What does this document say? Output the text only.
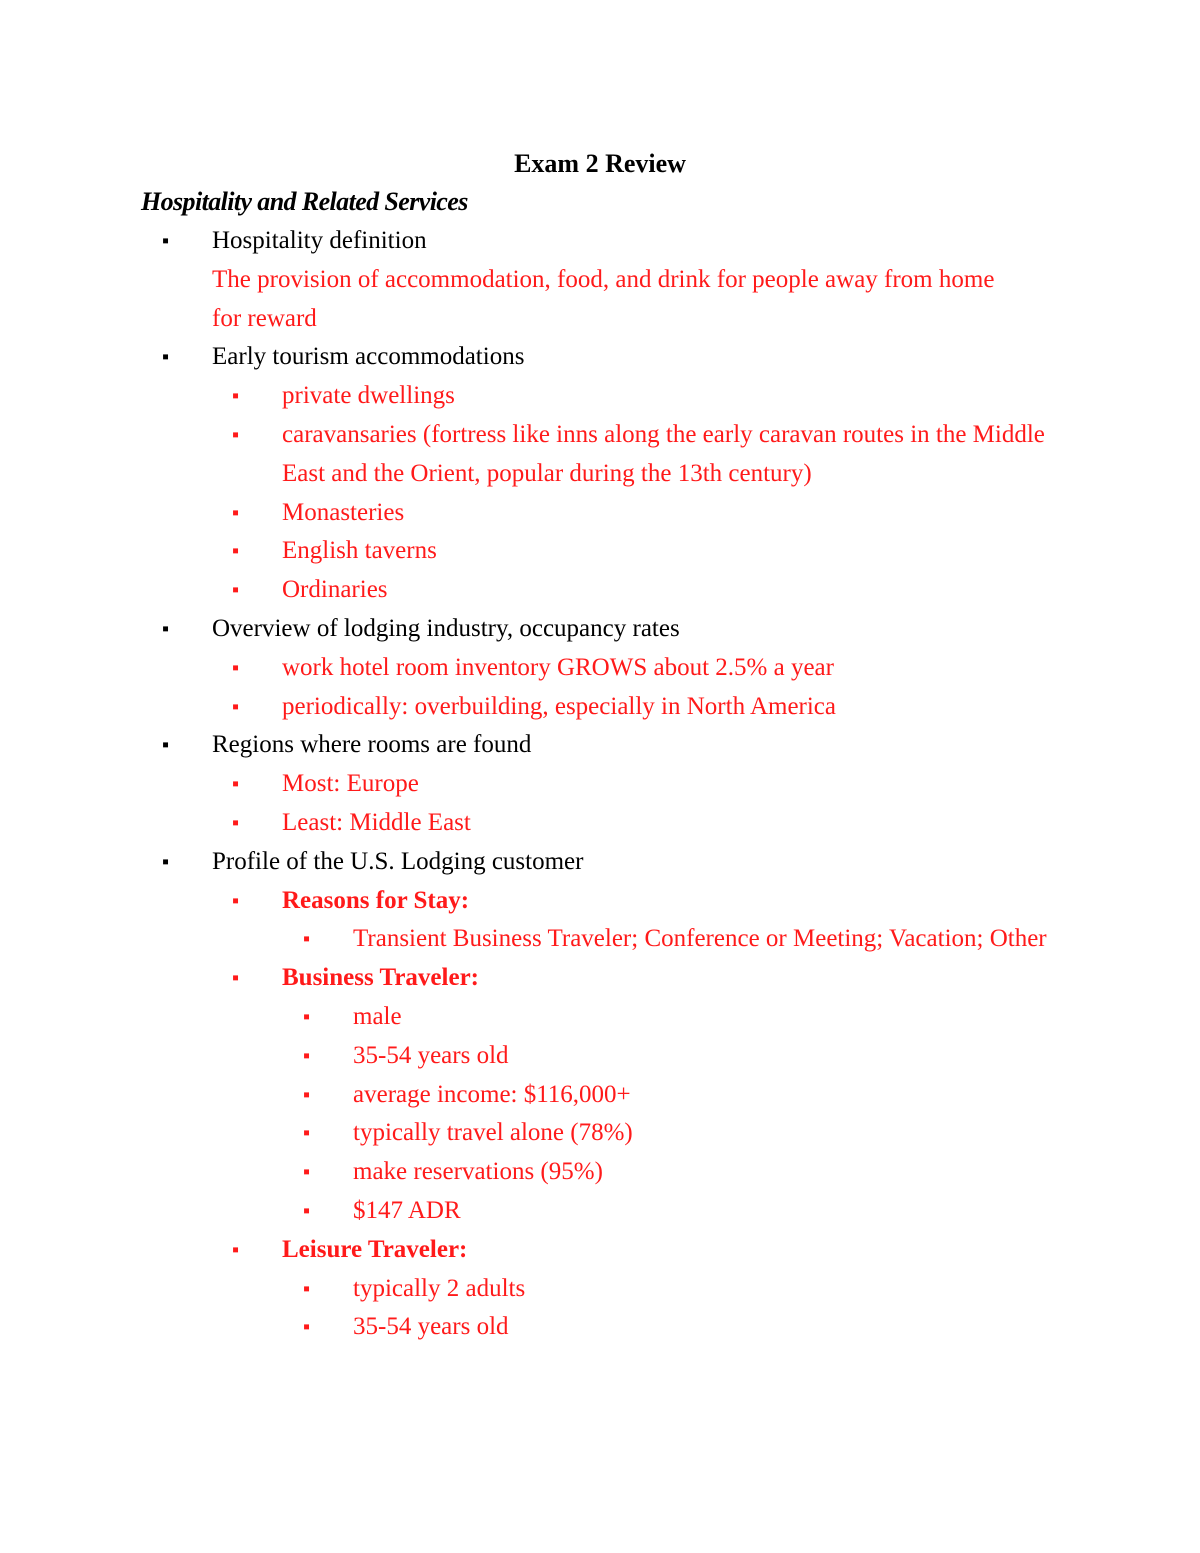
Exam 2 Review
Hospitality and Related Services
▪ Hospitality definition
The provision of accommodation, food, and drink for people away from home for reward
▪ Early tourism accommodations
▪ private dwellings
▪ caravansaries (fortress like inns along the early caravan routes in the Middle East and the Orient, popular during the 13th century)
▪ Monasteries
▪ English taverns
▪ Ordinaries
▪ Overview of lodging industry, occupancy rates
▪ work hotel room inventory GROWS about 2.5% a year
▪ periodically: overbuilding, especially in North America
▪ Regions where rooms are found
▪ Most: Europe
▪ Least: Middle East
▪ Profile of the U.S. Lodging customer
▪ Reasons for Stay:
▪ Transient Business Traveler; Conference or Meeting; Vacation; Other
▪ Business Traveler:
▪ male
▪ 35-54 years old
▪ average income: $116,000+
▪ typically travel alone (78%)
▪ make reservations (95%)
▪ $147 ADR
▪ Leisure Traveler:
▪ typically 2 adults
▪ 35-54 years old
